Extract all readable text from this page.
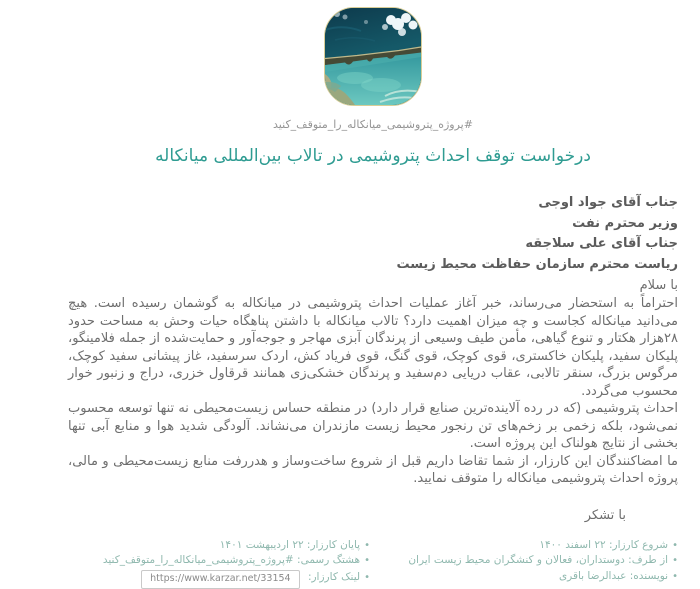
#پروژه_پتروشیمی_میانکاله_را_متوقف_کنید
درخواست توقف احداث پتروشیمی در تالاب بین‌المللی میانکاله
جناب آقای جواد اوجی
وزیر محترم نفت
جناب آقای علی سلاجقه
ریاست محترم سازمان حفاظت محیط زیست
با سلام

احتراماً به استحضار می‌رساند، خبر آغاز عملیات احداث پتروشیمی در میانکاله به گوشمان رسیده است. هیچ می‌دانید میانکاله کجاست و چه میزان اهمیت دارد؟ تالاب میانکاله با داشتن پناهگاه حیات وحش به مساحت حدود ۲۸هزار هکتار و تنوع گیاهی، مأمن طیف وسیعی از پرندگان آبزی مهاجر و جوجه‌آور و حمایت‌شده از جمله فلامینگو، پلیکان سفید، پلیکان خاکستری، قوی کوچک، قوی گنگ، قوی فریاد کش، اردک سرسفید، غاز پیشانی سفید کوچک، مرگوس بزرگ، سنقر تالابی، عقاب دریایی دم‌سفید و پرندگان خشکی‌زی همانند قرقاول خزری، دراج و زنبور خوار محسوب می‌گردد.

احداث پتروشیمی (که در رده آلاینده‌ترین صنایع قرار دارد) در منطقه حساس زیست‌محیطی نه تنها توسعه محسوب نمی‌شود، بلکه زخمی بر زخم‌های تن رنجور محیط زیست مازندران می‌نشاند. آلودگی شدید هوا و منابع آبی تنها بخشی از نتایج هولناک این پروژه است.

ما امضاکنندگان این کارزار، از شما تقاضا داریم قبل از شروع ساخت‌وساز و هدررفت منابع زیست‌محیطی و مالی، پروژه احداث پتروشیمی میانکاله را متوقف نمایید.

با تشکر
•شروع کارزار: ۲۲ اسفند ۱۴۰۰
•از طرف: دوستداران، فعالان و کنشگران محیط زیست ایران
•نویسنده: عبدالرضا باقری
•پایان کارزار: ۲۲ اردیبهشت ۱۴۰۱
•هشتگ رسمی: #پروژه_پتروشیمی_میانکاله_را_متوقف_کنید
•لینک کارزار: https://www.karzar.net/33154
